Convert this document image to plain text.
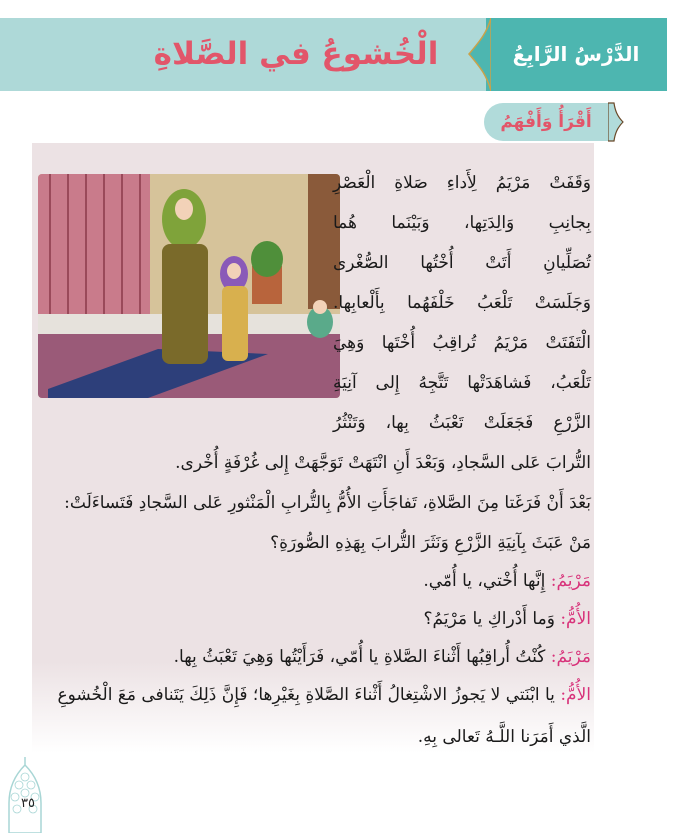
الدَّرْسُ الرَّابِعُ
الْخُشوعُ في الصَّلاةِ
أَقْرَأُ وَأَفْهَمُ
وَقَفَتْ مَرْيَمُ لِأَداءِ صَلاةِ الْعَصْرِ
بِجانِبِ وَالِدَتِها، وَبَيْنَما هُما
تُصَلِّيانِ أَتَتْ أُخْتُها الصُّغْرى
وَجَلَسَتْ تَلْعَبُ خَلْفَهُما بِأَلْعابِها.
الْتَفَتَتْ مَرْيَمُ تُراقِبُ أُخْتَها وَهِيَ
تَلْعَبُ، فَشاهَدَتْها تَتَّجِهُ إِلى آنِيَةِ
الزَّرْعِ فَجَعَلَتْ تَعْبَثُ بِها، وَتَنْثُرُ
التُّرابَ عَلى السَّجادِ، وَبَعْدَ أَنِ انْتَهَتْ تَوَجَّهَتْ إِلى غُرْفَةٍ أُخْرى.
بَعْدَ أَنْ فَرَغَتا مِنَ الصَّلاةِ، تَفاجَأَتِ الأُمُّ بِالتُّرابِ الْمَنْثورِ عَلى السَّجادِ فَتَساءَلَتْ:
مَنْ عَبَثَ بِآنِيَةِ الزَّرْعِ وَنَثَرَ التُّرابَ بِهَذِهِ الصُّورَةِ؟
مَرْيَمُ: إِنَّها أُخْتي، يا أُمّي.
الأُمُّ: وَما أَدْراكِ يا مَرْيَمُ؟
مَرْيَمُ: كُنْتُ أُراقِبُها أَثْناءَ الصَّلاةِ يا أُمّي، فَرَأَيْتُها وَهِيَ تَعْبَثُ بِها.
الأُمُّ: يا ابْنَتي لا يَجوزُ الاشْتِغالُ أَثْناءَ الصَّلاةِ بِغَيْرِها؛ فَإِنَّ ذَلِكَ يَتَنافى مَعَ الْخُشوعِ
الَّذي أَمَرَنا اللَّـهُ تَعالى بِهِ.
٣٥
